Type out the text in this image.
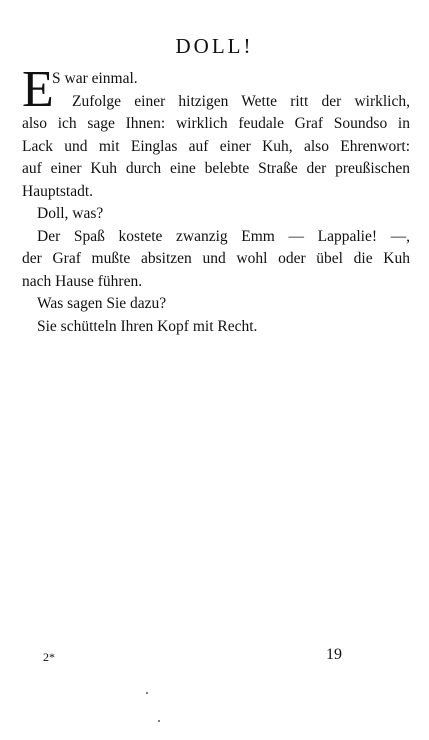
DOLL!
E
S war einmal.
Zufolge einer hitzigen Wette ritt der wirklich,
also ich sage Ihnen: wirklich feudale Graf Soundso in
Lack und mit Einglas auf einer Kuh, also Ehrenwort:
auf einer Kuh durch eine belebte Straße der preußischen
Hauptstadt.
Doll, was?
Der Spaß kostete zwanzig Emm — Lappalie! —,
der Graf mußte absitzen und wohl oder übel die Kuh
nach Hause führen.
Was sagen Sie dazu?
Sie schütteln Ihren Kopf mit Recht.
2*	19
